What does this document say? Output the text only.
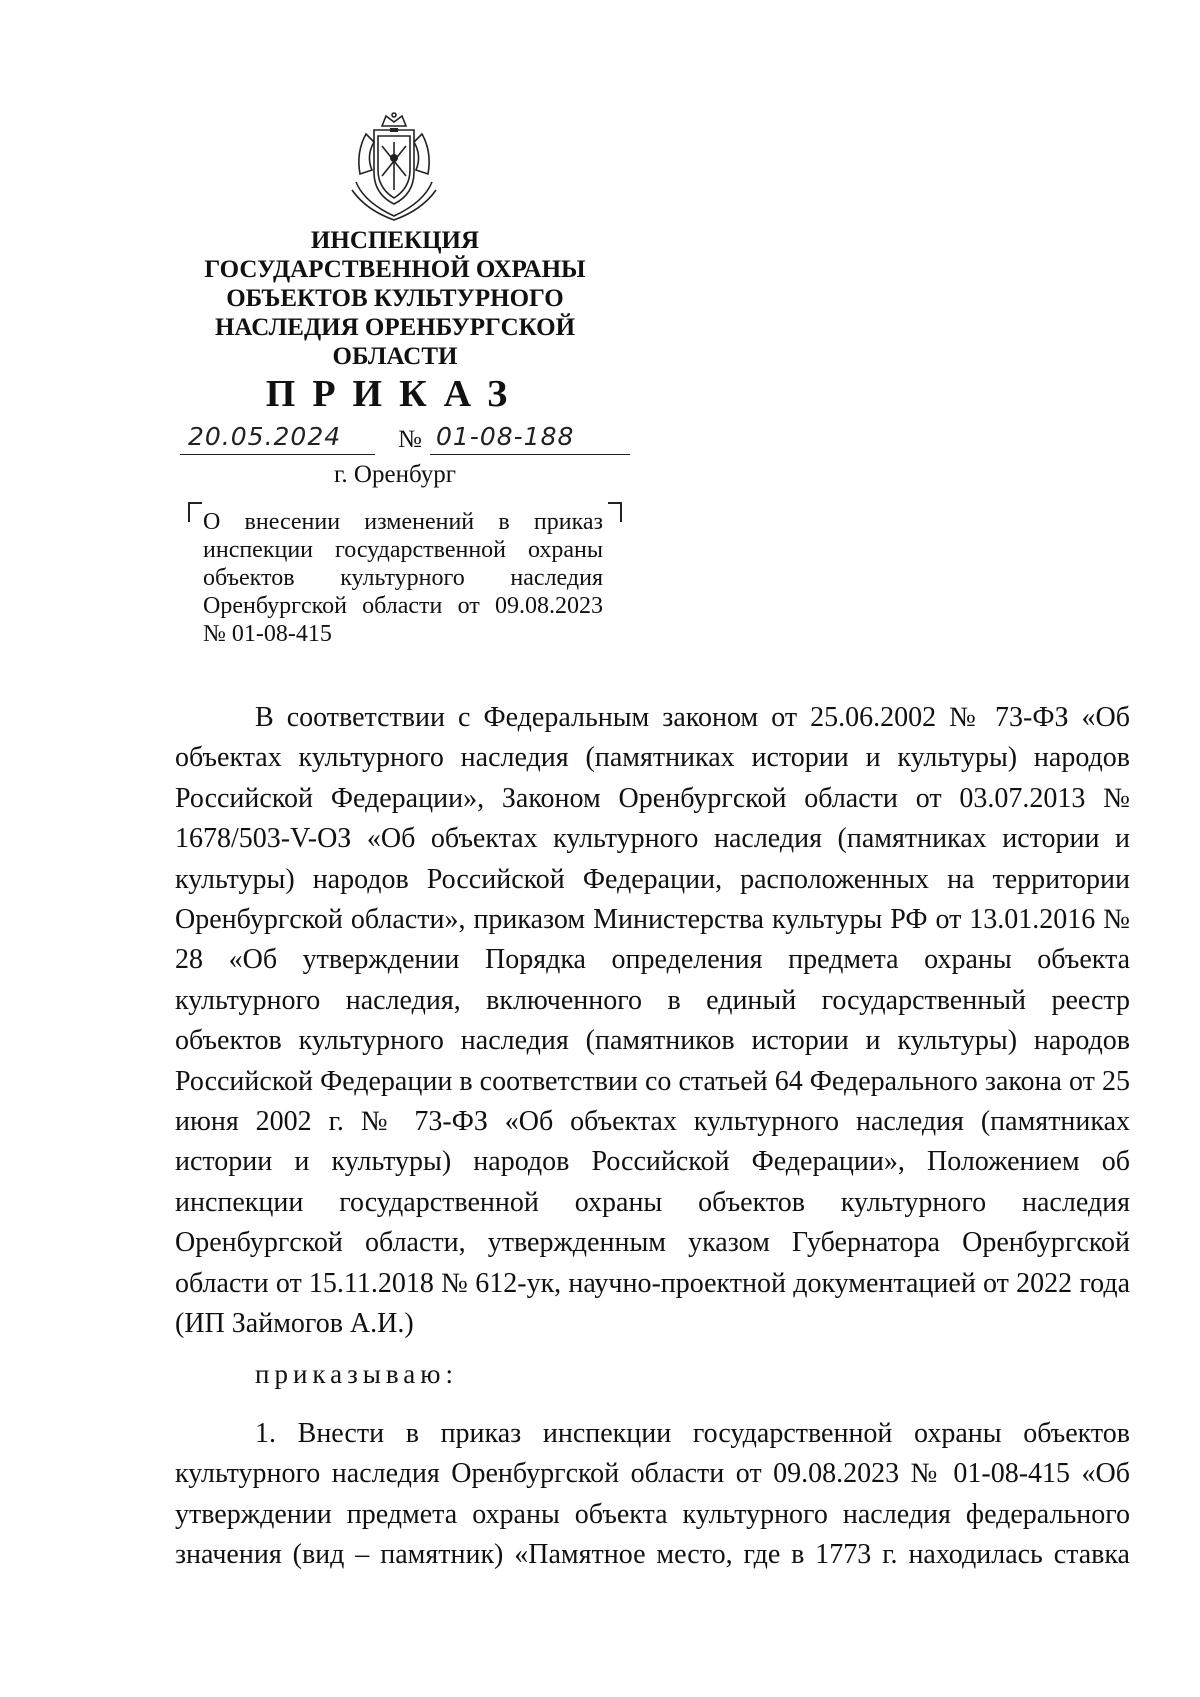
ИНСПЕКЦИЯ
ГОСУДАРСТВЕННОЙ ОХРАНЫ
ОБЪЕКТОВ КУЛЬТУРНОГО
НАСЛЕДИЯ ОРЕНБУРГСКОЙ
ОБЛАСТИ
ПРИКАЗ
20.05.2024 № 01-08-188
г. Оренбург
О внесении изменений в приказ инспекции государственной охраны объектов культурного наследия Оренбургской области от 09.08.2023 № 01-08-415

В соответствии с Федеральным законом от 25.06.2002 № 73-ФЗ «Об объектах культурного наследия (памятниках истории и культуры) народов Российской Федерации», Законом Оренбургской области от 03.07.2013 № 1678/503-V-ОЗ «Об объектах культурного наследия (памятниках истории и культуры) народов Российской Федерации, расположенных на территории Оренбургской области», приказом Министерства культуры РФ от 13.01.2016 № 28 «Об утверждении Порядка определения предмета охраны объекта культурного наследия, включенного в единый государственный реестр объектов культурного наследия (памятников истории и культуры) народов Российской Федерации в соответствии со статьей 64 Федерального закона от 25 июня 2002 г. № 73-ФЗ «Об объектах культурного наследия (памятниках истории и культуры) народов Российской Федерации», Положением об инспекции государственной охраны объектов культурного наследия Оренбургской области, утвержденным указом Губернатора Оренбургской области от 15.11.2018 № 612-ук, научно-проектной документацией от 2022 года (ИП Займогов А.И.)

приказываю:

1. Внести в приказ инспекции государственной охраны объектов культурного наследия Оренбургской области от 09.08.2023 № 01-08-415 «Об утверждении предмета охраны объекта культурного наследия федерального значения (вид – памятник) «Памятное место, где в 1773 г. находилась ставка
